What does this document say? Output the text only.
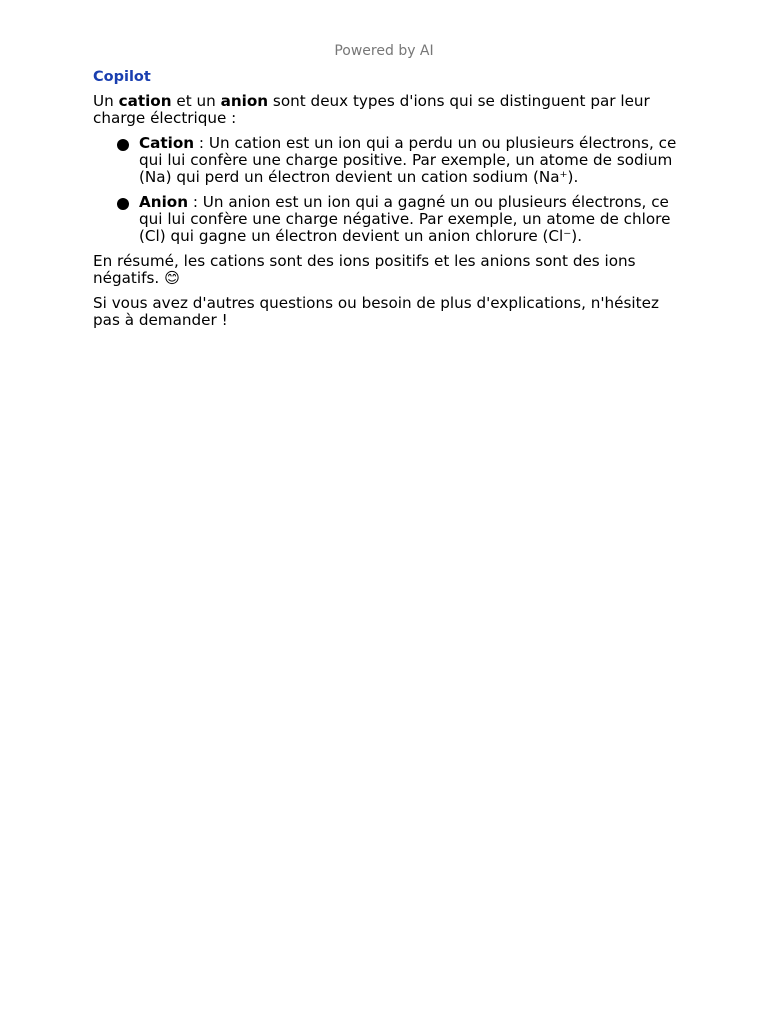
Powered by AI
Copilot

Un cation et un anion sont deux types d'ions qui se distinguent par leur charge électrique :

Cation : Un cation est un ion qui a perdu un ou plusieurs électrons, ce qui lui confère une charge positive. Par exemple, un atome de sodium (Na) qui perd un électron devient un cation sodium (Na⁺).
Anion : Un anion est un ion qui a gagné un ou plusieurs électrons, ce qui lui confère une charge négative. Par exemple, un atome de chlore (Cl) qui gagne un électron devient un anion chlorure (Cl⁻).

En résumé, les cations sont des ions positifs et les anions sont des ions négatifs. 😊

Si vous avez d'autres questions ou besoin de plus d'explications, n'hésitez pas à demander !
